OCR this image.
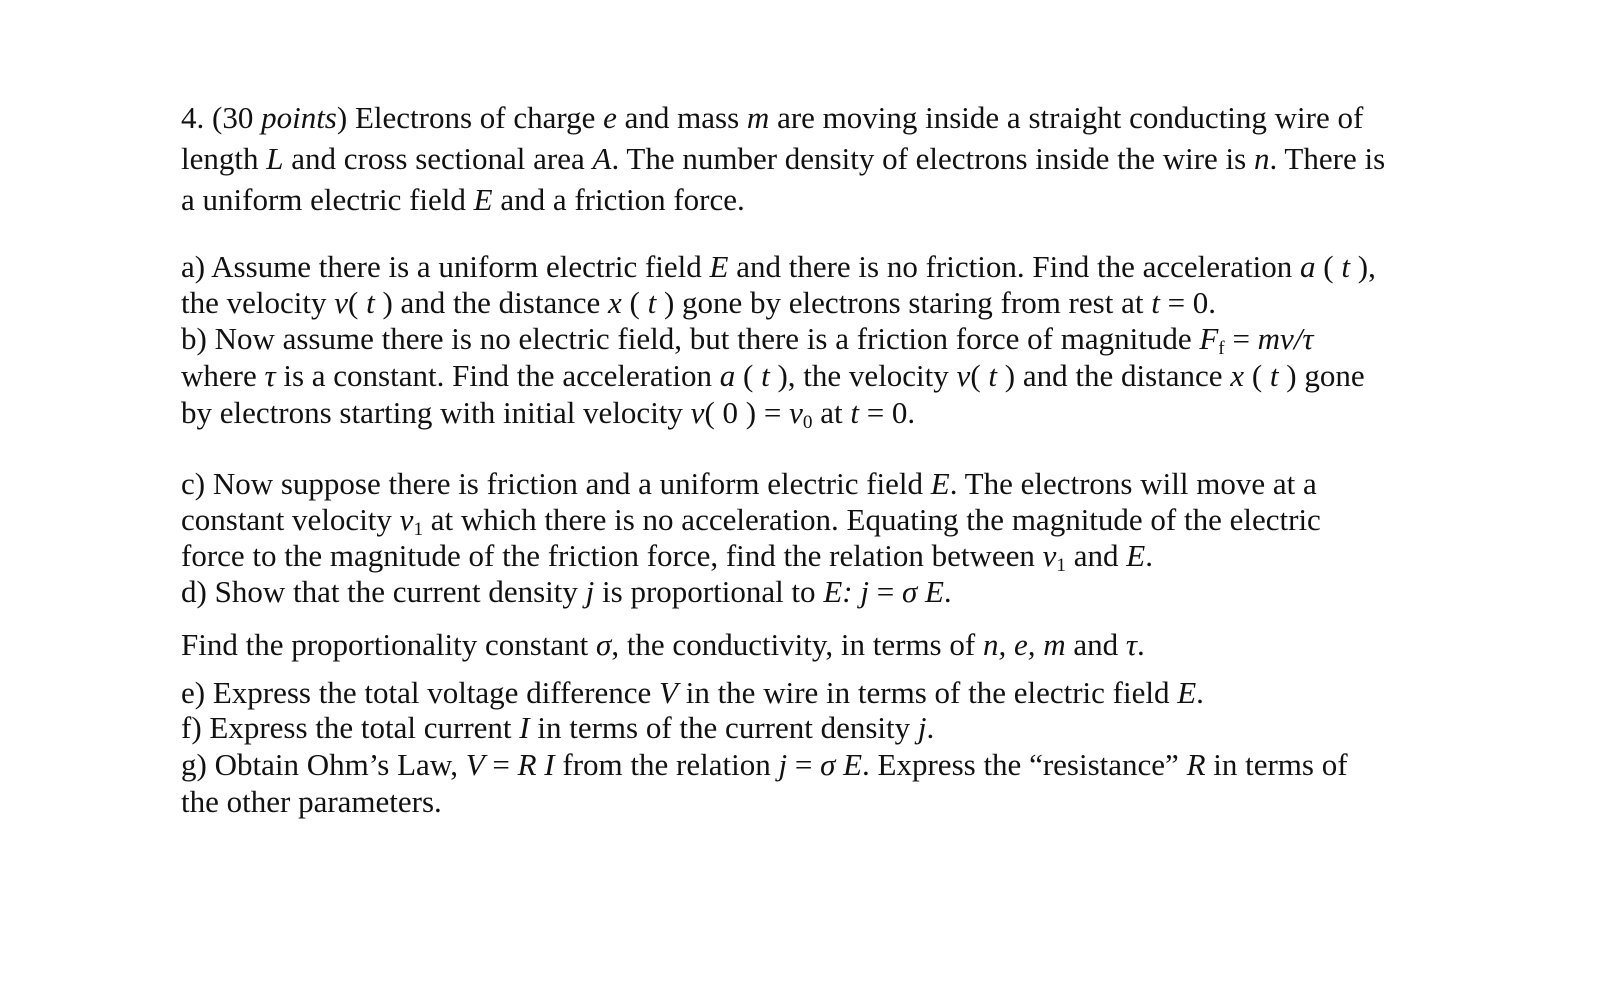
4. (30 points) Electrons of charge e and mass m are moving inside a straight conducting wire of
length L and cross sectional area A. The number density of electrons inside the wire is n. There is
a uniform electric field E and a friction force.
a) Assume there is a uniform electric field E and there is no friction. Find the acceleration a ( t ),
the velocity v( t ) and the distance x ( t ) gone by electrons staring from rest at t = 0.
b) Now assume there is no electric field, but there is a friction force of magnitude $F_f = mv/\tau$
where τ is a constant. Find the acceleration a ( t ), the velocity v( t ) and the distance x ( t ) gone
by electrons starting with initial velocity v( 0 ) = $v_0$ at t = 0.
c) Now suppose there is friction and a uniform electric field E. The electrons will move at a
constant velocity $v_1$ at which there is no acceleration. Equating the magnitude of the electric
force to the magnitude of the friction force, find the relation between $v_1$ and E.
d) Show that the current density j is proportional to E: j = σ E.
Find the proportionality constant σ, the conductivity, in terms of n, e, m and τ.
e) Express the total voltage difference V in the wire in terms of the electric field E.
f) Express the total current I in terms of the current density j.
g) Obtain Ohm’s Law, V = R I from the relation j = σ E. Express the “resistance” R in terms of
the other parameters.
